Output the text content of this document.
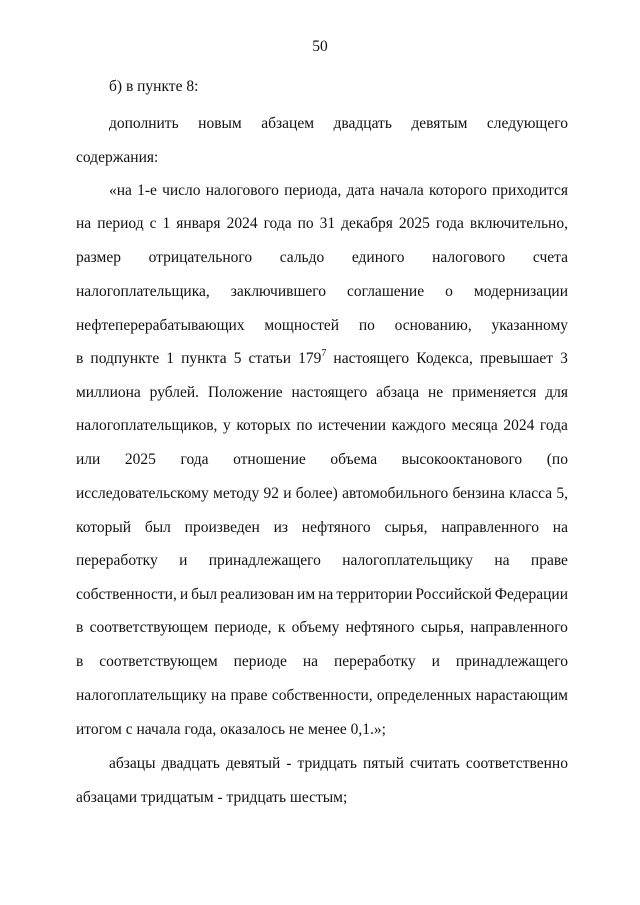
50
б) в пункте 8:
дополнить новым абзацем двадцать девятым следующего
содержания:
«на 1-е число налогового периода, дата начала которого приходится
на период с 1 января 2024 года по 31 декабря 2025 года включительно,
размер отрицательного сальдо единого налогового счета
налогоплательщика, заключившего соглашение о модернизации
нефтеперерабатывающих мощностей по основанию, указанному
в подпункте 1 пункта 5 статьи $179^7$ настоящего Кодекса, превышает 3
миллиона рублей. Положение настоящего абзаца не применяется для
налогоплательщиков, у которых по истечении каждого месяца 2024 года
или 2025 года отношение объема высокооктанового (по
исследовательскому методу 92 и более) автомобильного бензина класса 5,
который был произведен из нефтяного сырья, направленного на
переработку и принадлежащего налогоплательщику на праве
собственности, и был реализован им на территории Российской Федерации
в соответствующем периоде, к объему нефтяного сырья, направленного
в соответствующем периоде на переработку и принадлежащего
налогоплательщику на праве собственности, определенных нарастающим
итогом с начала года, оказалось не менее 0,1.»;
абзацы двадцать девятый - тридцать пятый считать соответственно
абзацами тридцатым - тридцать шестым;
